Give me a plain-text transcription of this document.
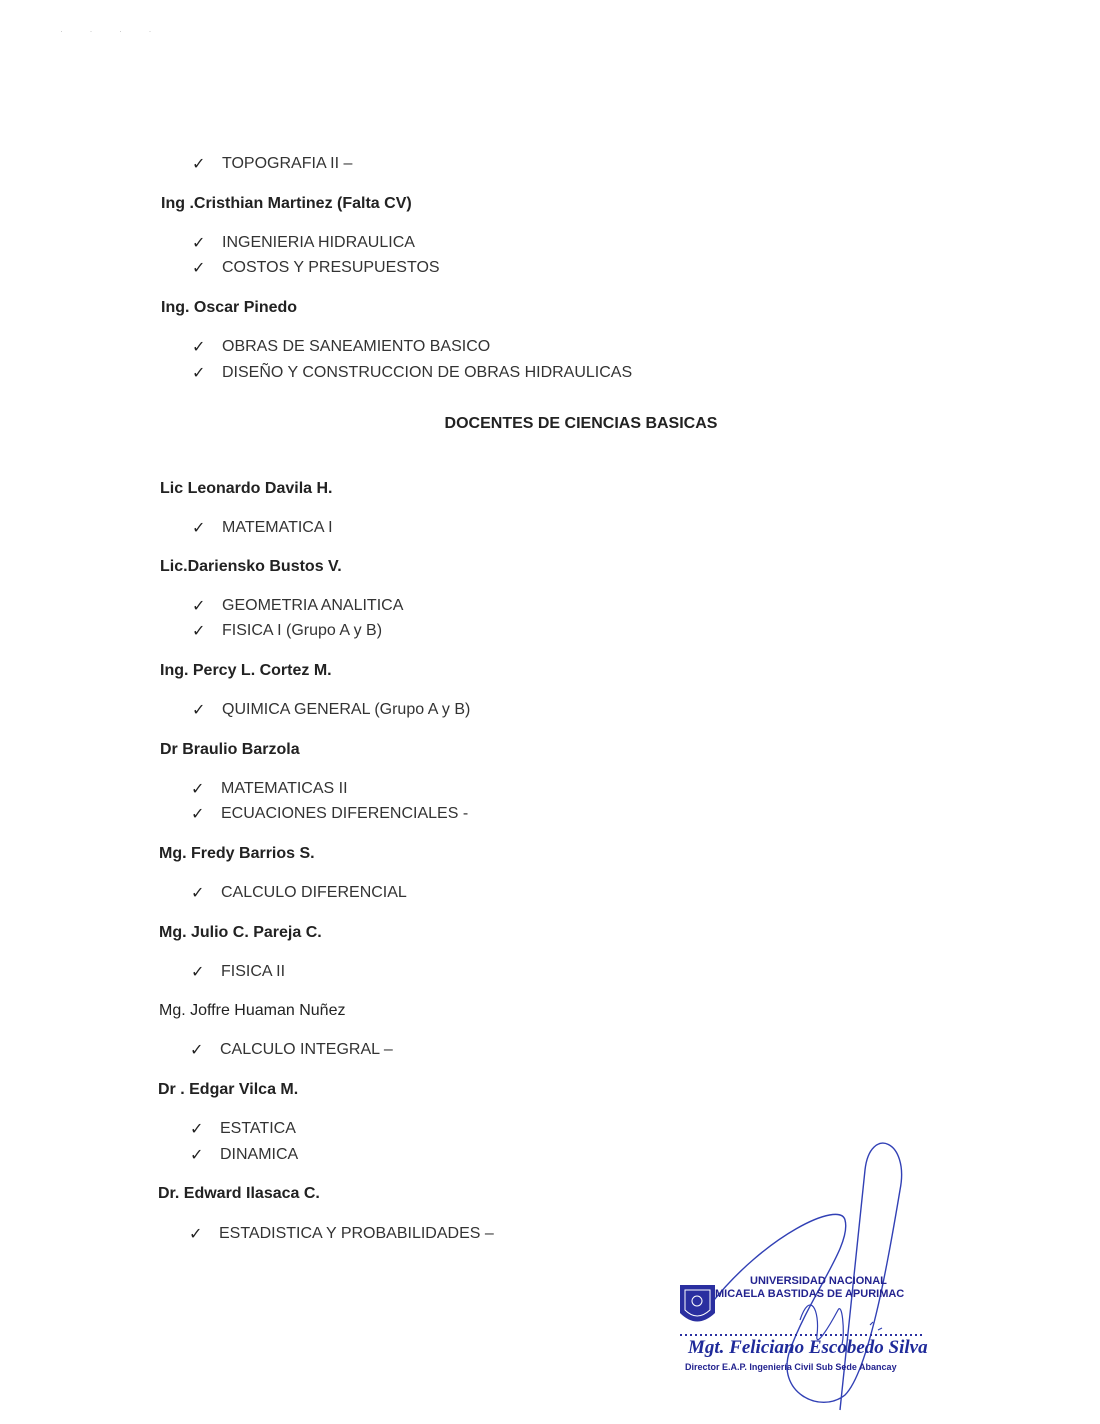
· · · ·
✓	TOPOGRAFIA II –
Ing .Cristhian Martinez (Falta CV)
✓	INGENIERIA HIDRAULICA
✓	COSTOS Y PRESUPUESTOS
Ing. Oscar Pinedo
✓	OBRAS DE SANEAMIENTO BASICO
✓	DISEÑO Y CONSTRUCCION DE OBRAS HIDRAULICAS
DOCENTES DE CIENCIAS BASICAS
Lic Leonardo Davila H.
✓	MATEMATICA I
Lic.Dariensko Bustos V.
✓	GEOMETRIA ANALITICA
✓	FISICA I (Grupo A y B)
Ing. Percy L. Cortez M.
✓	QUIMICA GENERAL (Grupo A y B)
Dr Braulio Barzola
✓	MATEMATICAS II
✓	ECUACIONES DIFERENCIALES -
Mg. Fredy Barrios S.
✓	CALCULO DIFERENCIAL
Mg. Julio C. Pareja C.
✓	FISICA II
Mg. Joffre Huaman Nuñez
✓	CALCULO INTEGRAL –
Dr . Edgar Vilca M.
✓	ESTATICA
✓	DINAMICA
Dr. Edward Ilasaca C.
✓	ESTADISTICA Y PROBABILIDADES –
UNIVERSIDAD NACIONAL
MICAELA BASTIDAS DE APURIMAC
Mgt. Feliciano Escobedo Silva
Director E.A.P. Ingeniería Civil Sub Sede Abancay
